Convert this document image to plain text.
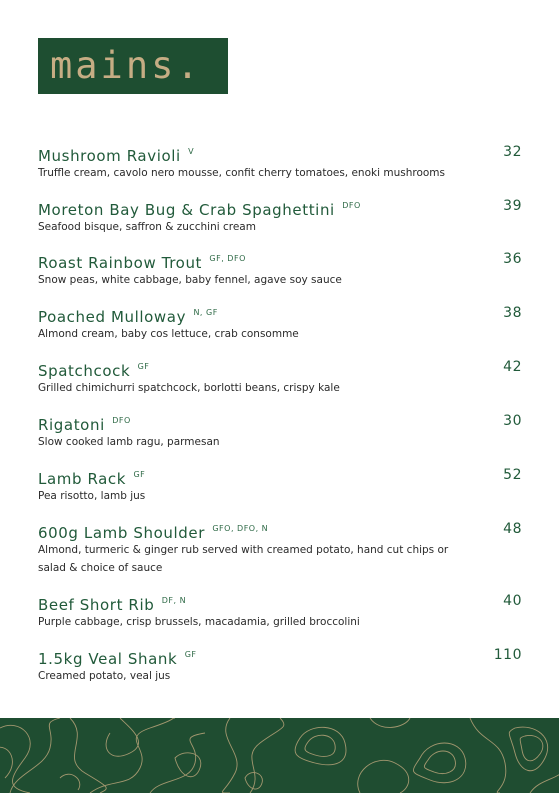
mains.
Mushroom Ravioli $^V$	32
Truffle cream, cavolo nero mousse, confit cherry tomatoes, enoki mushrooms
Moreton Bay Bug & Crab Spaghettini $^{DFO}$	39
Seafood bisque, saffron & zucchini cream
Roast Rainbow Trout $^{GF, DFO}$	36
Snow peas, white cabbage, baby fennel, agave soy sauce
Poached Mulloway $^{N, GF}$	38
Almond cream, baby cos lettuce, crab consomme
Spatchcock $^{GF}$	42
Grilled chimichurri spatchcock, borlotti beans, crispy kale
Rigatoni $^{DFO}$	30
Slow cooked lamb ragu, parmesan
Lamb Rack $^{GF}$	52
Pea risotto, lamb jus
600g Lamb Shoulder $^{GFO, DFO, N}$	48
Almond, turmeric & ginger rub served with creamed potato, hand cut chips or salad & choice of sauce
Beef Short Rib $^{DF, N}$	40
Purple cabbage, crisp brussels, macadamia, grilled broccolini
1.5kg Veal Shank $^{GF}$	110
Creamed potato, veal jus
